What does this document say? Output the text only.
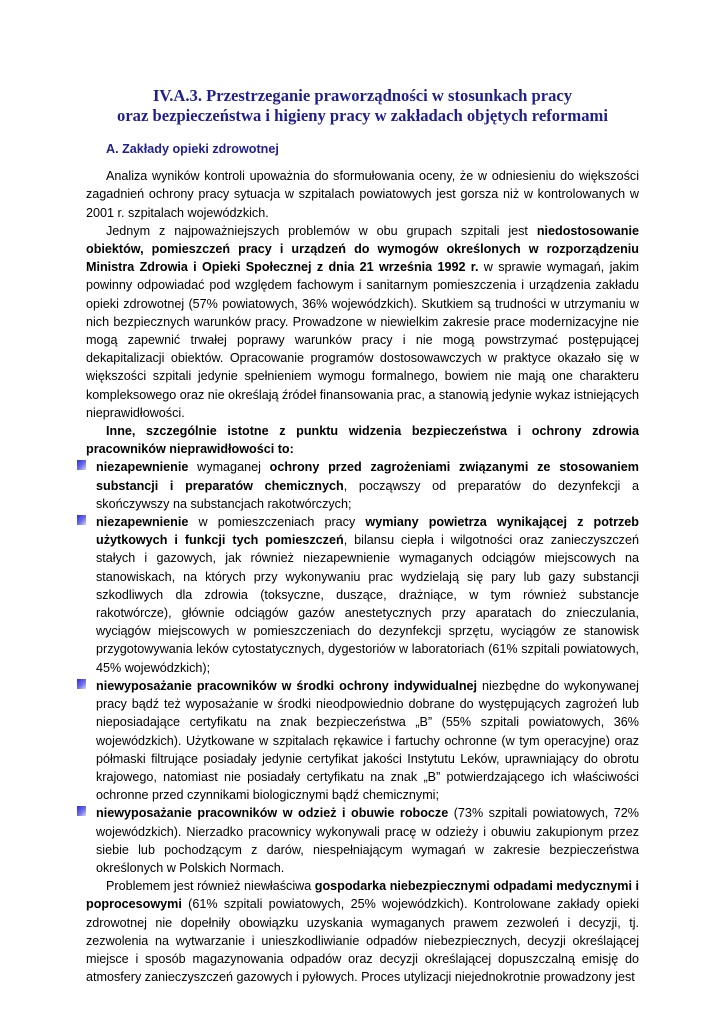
IV.A.3. Przestrzeganie praworządności w stosunkach pracy
oraz bezpieczeństwa i higieny pracy w zakładach objętych reformami
A. Zakłady opieki zdrowotnej

Analiza wyników kontroli upoważnia do sformułowania oceny, że w odniesieniu do większości zagadnień ochrony pracy sytuacja w szpitalach powiatowych jest gorsza niż w kontrolowanych w 2001 r. szpitalach wojewódzkich.

Jednym z najpoważniejszych problemów w obu grupach szpitali jest niedostosowanie obiektów, pomieszczeń pracy i urządzeń do wymogów określonych w rozporządzeniu Ministra Zdrowia i Opieki Społecznej z dnia 21 września 1992 r. w sprawie wymagań, jakim powinny odpowiadać pod względem fachowym i sanitarnym pomieszczenia i urządzenia zakładu opieki zdrowotnej (57% powiatowych, 36% wojewódzkich). Skutkiem są trudności w utrzymaniu w nich bezpiecznych warunków pracy. Prowadzone w niewielkim zakresie prace modernizacyjne nie mogą zapewnić trwałej poprawy warunków pracy i nie mogą powstrzymać postępującej dekapitalizacji obiektów. Opracowanie programów dostosowawczych w praktyce okazało się w większości szpitali jedynie spełnieniem wymogu formalnego, bowiem nie mają one charakteru kompleksowego oraz nie określają źródeł finansowania prac, a stanowią jedynie wykaz istniejących nieprawidłowości.

Inne, szczególnie istotne z punktu widzenia bezpieczeństwa i ochrony zdrowia pracowników nieprawidłowości to:

niezapewnienie wymaganej ochrony przed zagrożeniami związanymi ze stosowaniem substancji i preparatów chemicznych, począwszy od preparatów do dezynfekcji a skończywszy na substancjach rakotwórczych;
niezapewnienie w pomieszczeniach pracy wymiany powietrza wynikającej z potrzeb użytkowych i funkcji tych pomieszczeń, bilansu ciepła i wilgotności oraz zanieczyszczeń stałych i gazowych, jak również niezapewnienie wymaganych odciągów miejscowych na stanowiskach, na których przy wykonywaniu prac wydzielają się pary lub gazy substancji szkodliwych dla zdrowia (toksyczne, duszące, drażniące, w tym również substancje rakotwórcze), głównie odciągów gazów anestetycznych przy aparatach do znieczulania, wyciągów miejscowych w pomieszczeniach do dezynfekcji sprzętu, wyciągów ze stanowisk przygotowywania leków cytostatycznych, dygestoriów w laboratoriach (61% szpitali powiatowych, 45% wojewódzkich);
niewyposażanie pracowników w środki ochrony indywidualnej niezbędne do wykonywanej pracy bądź też wyposażanie w środki nieodpowiednio dobrane do występujących zagrożeń lub nieposiadające certyfikatu na znak bezpieczeństwa „B” (55% szpitali powiatowych, 36% wojewódzkich). Użytkowane w szpitalach rękawice i fartuchy ochronne (w tym operacyjne) oraz półmaski filtrujące posiadały jedynie certyfikat jakości Instytutu Leków, uprawniający do obrotu krajowego, natomiast nie posiadały certyfikatu na znak „B” potwierdzającego ich właściwości ochronne przed czynnikami biologicznymi bądź chemicznymi;
niewyposażanie pracowników w odzież i obuwie robocze (73% szpitali powiatowych, 72% wojewódzkich). Nierzadko pracownicy wykonywali pracę w odzieży i obuwiu zakupionym przez siebie lub pochodzącym z darów, niespełniającym wymagań w zakresie bezpieczeństwa określonych w Polskich Normach.

Problemem jest również niewłaściwa gospodarka niebezpiecznymi odpadami medycznymi i poprocesowymi (61% szpitali powiatowych, 25% wojewódzkich). Kontrolowane zakłady opieki zdrowotnej nie dopełniły obowiązku uzyskania wymaganych prawem zezwoleń i decyzji, tj. zezwolenia na wytwarzanie i unieszkodliwianie odpadów niebezpiecznych, decyzji określającej miejsce i sposób magazynowania odpadów oraz decyzji określającej dopuszczalną emisję do atmosfery zanieczyszczeń gazowych i pyłowych. Proces utylizacji niejednokrotnie prowadzony jest
